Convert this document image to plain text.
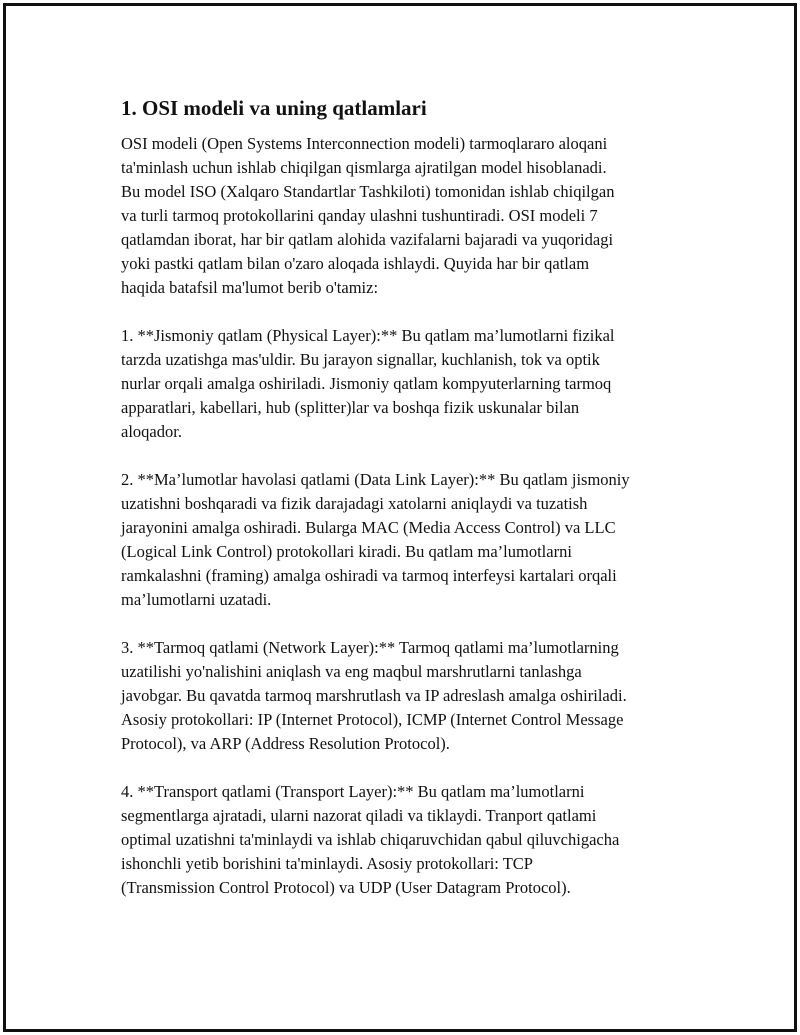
1. OSI modeli va uning qatlamlari
OSI modeli (Open Systems Interconnection modeli) tarmoqlararo aloqani
ta'minlash uchun ishlab chiqilgan qismlarga ajratilgan model hisoblanadi.
Bu model ISO (Xalqaro Standartlar Tashkiloti) tomonidan ishlab chiqilgan
va turli tarmoq protokollarini qanday ulashni tushuntiradi. OSI modeli 7
qatlamdan iborat, har bir qatlam alohida vazifalarni bajaradi va yuqoridagi
yoki pastki qatlam bilan o'zaro aloqada ishlaydi. Quyida har bir qatlam
haqida batafsil ma'lumot berib o'tamiz:
1. **Jismoniy qatlam (Physical Layer):** Bu qatlam ma’lumotlarni fizikal
tarzda uzatishga mas'uldir. Bu jarayon signallar, kuchlanish, tok va optik
nurlar orqali amalga oshiriladi. Jismoniy qatlam kompyuterlarning tarmoq
apparatlari, kabellari, hub (splitter)lar va boshqa fizik uskunalar bilan
aloqador.
2. **Ma’lumotlar havolasi qatlami (Data Link Layer):** Bu qatlam jismoniy
uzatishni boshqaradi va fizik darajadagi xatolarni aniqlaydi va tuzatish
jarayonini amalga oshiradi. Bularga MAC (Media Access Control) va LLC
(Logical Link Control) protokollari kiradi. Bu qatlam ma’lumotlarni
ramkalashni (framing) amalga oshiradi va tarmoq interfeysi kartalari orqali
ma’lumotlarni uzatadi.
3. **Tarmoq qatlami (Network Layer):** Tarmoq qatlami ma’lumotlarning
uzatilishi yo'nalishini aniqlash va eng maqbul marshrutlarni tanlashga
javobgar. Bu qavatda tarmoq marshrutlash va IP adreslash amalga oshiriladi.
Asosiy protokollari: IP (Internet Protocol), ICMP (Internet Control Message
Protocol), va ARP (Address Resolution Protocol).
4. **Transport qatlami (Transport Layer):** Bu qatlam ma’lumotlarni
segmentlarga ajratadi, ularni nazorat qiladi va tiklaydi. Tranport qatlami
optimal uzatishni ta'minlaydi va ishlab chiqaruvchidan qabul qiluvchigacha
ishonchli yetib borishini ta'minlaydi. Asosiy protokollari: TCP
(Transmission Control Protocol) va UDP (User Datagram Protocol).
